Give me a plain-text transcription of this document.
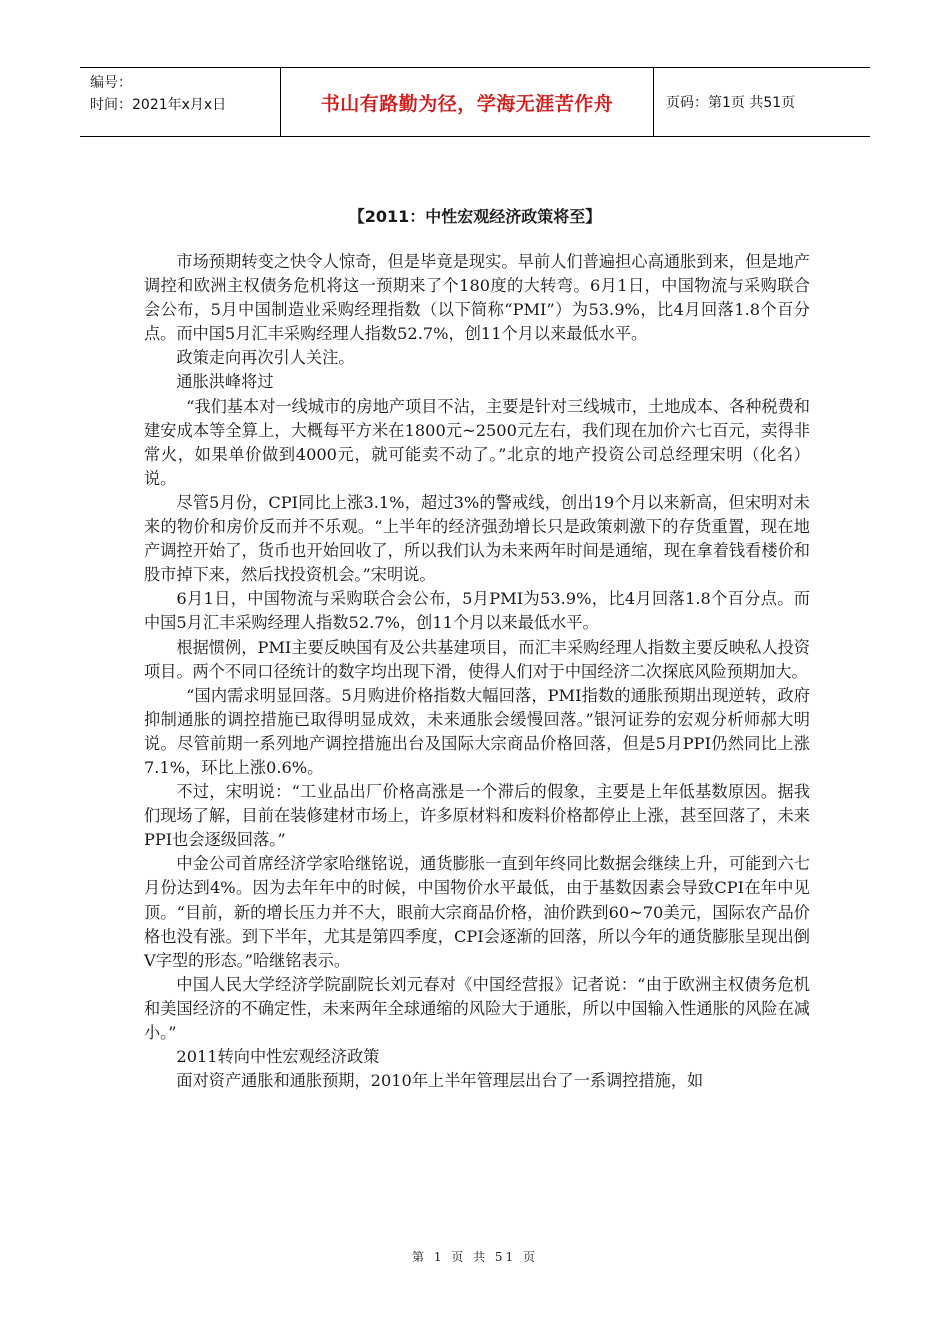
编号：
时间：2021年x月x日	书山有路勤为径，学海无涯苦作舟	页码：第1页 共51页
【2011：中性宏观经济政策将至】

市场预期转变之快令人惊奇，但是毕竟是现实。早前人们普遍担心高通胀到来，但是地产调控和欧洲主权债务危机将这一预期来了个180度的大转弯。6月1日，中国物流与采购联合会公布，5月中国制造业采购经理指数（以下简称“PMI”）为53.9%，比4月回落1.8个百分点。而中国5月汇丰采购经理人指数52.7%，创11个月以来最低水平。

政策走向再次引人关注。

通胀洪峰将过

“我们基本对一线城市的房地产项目不沾，主要是针对三线城市，土地成本、各种税费和建安成本等全算上，大概每平方米在1800元~2500元左右，我们现在加价六七百元，卖得非常火，如果单价做到4000元，就可能卖不动了。”北京的地产投资公司总经理宋明（化名）说。

尽管5月份，CPI同比上涨3.1%，超过3%的警戒线，创出19个月以来新高，但宋明对未来的物价和房价反而并不乐观。“上半年的经济强劲增长只是政策刺激下的存货重置，现在地产调控开始了，货币也开始回收了，所以我们认为未来两年时间是通缩，现在拿着钱看楼价和股市掉下来，然后找投资机会。”宋明说。

6月1日，中国物流与采购联合会公布，5月PMI为53.9%，比4月回落1.8个百分点。而中国5月汇丰采购经理人指数52.7%，创11个月以来最低水平。

根据惯例，PMI主要反映国有及公共基建项目，而汇丰采购经理人指数主要反映私人投资项目。两个不同口径统计的数字均出现下滑，使得人们对于中国经济二次探底风险预期加大。

“国内需求明显回落。5月购进价格指数大幅回落，PMI指数的通胀预期出现逆转，政府抑制通胀的调控措施已取得明显成效，未来通胀会缓慢回落。”银河证券的宏观分析师郝大明说。尽管前期一系列地产调控措施出台及国际大宗商品价格回落，但是5月PPI仍然同比上涨7.1%，环比上涨0.6%。

不过，宋明说：“工业品出厂价格高涨是一个滞后的假象，主要是上年低基数原因。据我们现场了解，目前在装修建材市场上，许多原材料和废料价格都停止上涨，甚至回落了，未来PPI也会逐级回落。”

中金公司首席经济学家哈继铭说，通货膨胀一直到年终同比数据会继续上升，可能到六七月份达到4%。因为去年年中的时候，中国物价水平最低，由于基数因素会导致CPI在年中见顶。“目前，新的增长压力并不大，眼前大宗商品价格，油价跌到60~70美元，国际农产品价格也没有涨。到下半年，尤其是第四季度，CPI会逐渐的回落，所以今年的通货膨胀呈现出倒V字型的形态。”哈继铭表示。

中国人民大学经济学院副院长刘元春对《中国经营报》记者说：“由于欧洲主权债务危机和美国经济的不确定性，未来两年全球通缩的风险大于通胀，所以中国输入性通胀的风险在减小。”

2011转向中性宏观经济政策

面对资产通胀和通胀预期，2010年上半年管理层出台了一系调控措施，如

第 1 页 共 51 页
